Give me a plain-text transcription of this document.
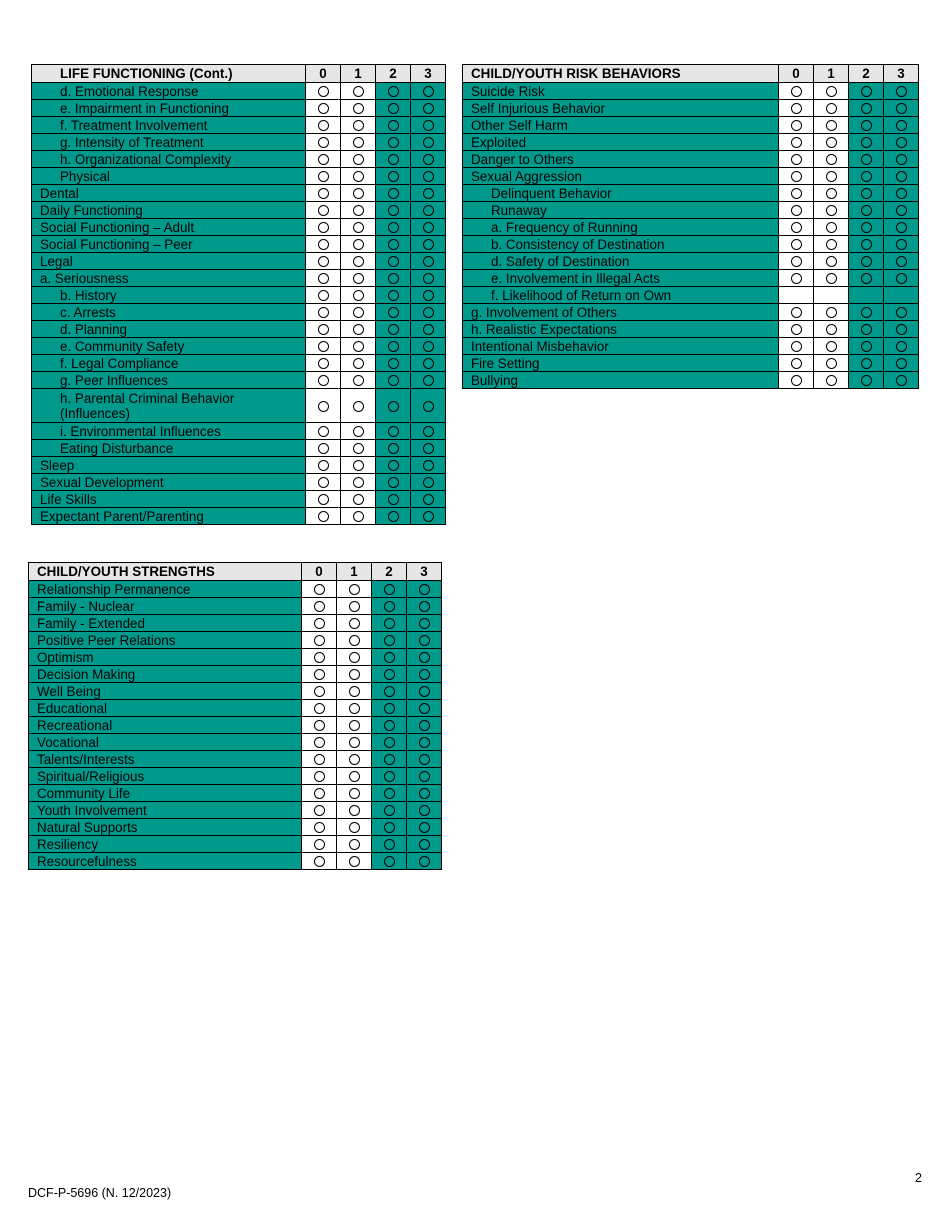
LIFE FUNCTIONING (Cont.)	0	1	2	3
d. Emotional Response				
e. Impairment in Functioning				
f. Treatment Involvement				
g. Intensity of Treatment				
h. Organizational Complexity				
Physical				
Dental				
Daily Functioning				
Social Functioning – Adult				
Social Functioning – Peer				
Legal				
a. Seriousness				
b. History				
c. Arrests				
d. Planning				
e. Community Safety				
f. Legal Compliance				
g. Peer Influences				
h. Parental Criminal Behavior (Influences)				
i. Environmental Influences				
Eating Disturbance				
Sleep				
Sexual Development				
Life Skills				
Expectant Parent/Parenting				
CHILD/YOUTH RISK BEHAVIORS	0	1	2	3
Suicide Risk				
Self Injurious Behavior				
Other Self Harm				
Exploited				
Danger to Others				
Sexual Aggression				
Delinquent Behavior				
Runaway				
a. Frequency of Running				
b. Consistency of Destination				
d. Safety of Destination				
e. Involvement in Illegal Acts				
f. Likelihood of Return on Own				
g. Involvement of Others				
h. Realistic Expectations				
Intentional Misbehavior				
Fire Setting				
Bullying				
CHILD/YOUTH STRENGTHS	0	1	2	3
Relationship Permanence				
Family - Nuclear				
Family - Extended				
Positive Peer Relations				
Optimism				
Decision Making				
Well Being				
Educational				
Recreational				
Vocational				
Talents/Interests				
Spiritual/Religious				
Community Life				
Youth Involvement				
Natural Supports				
Resiliency				
Resourcefulness				
2
DCF-P-5696 (N. 12/2023)
